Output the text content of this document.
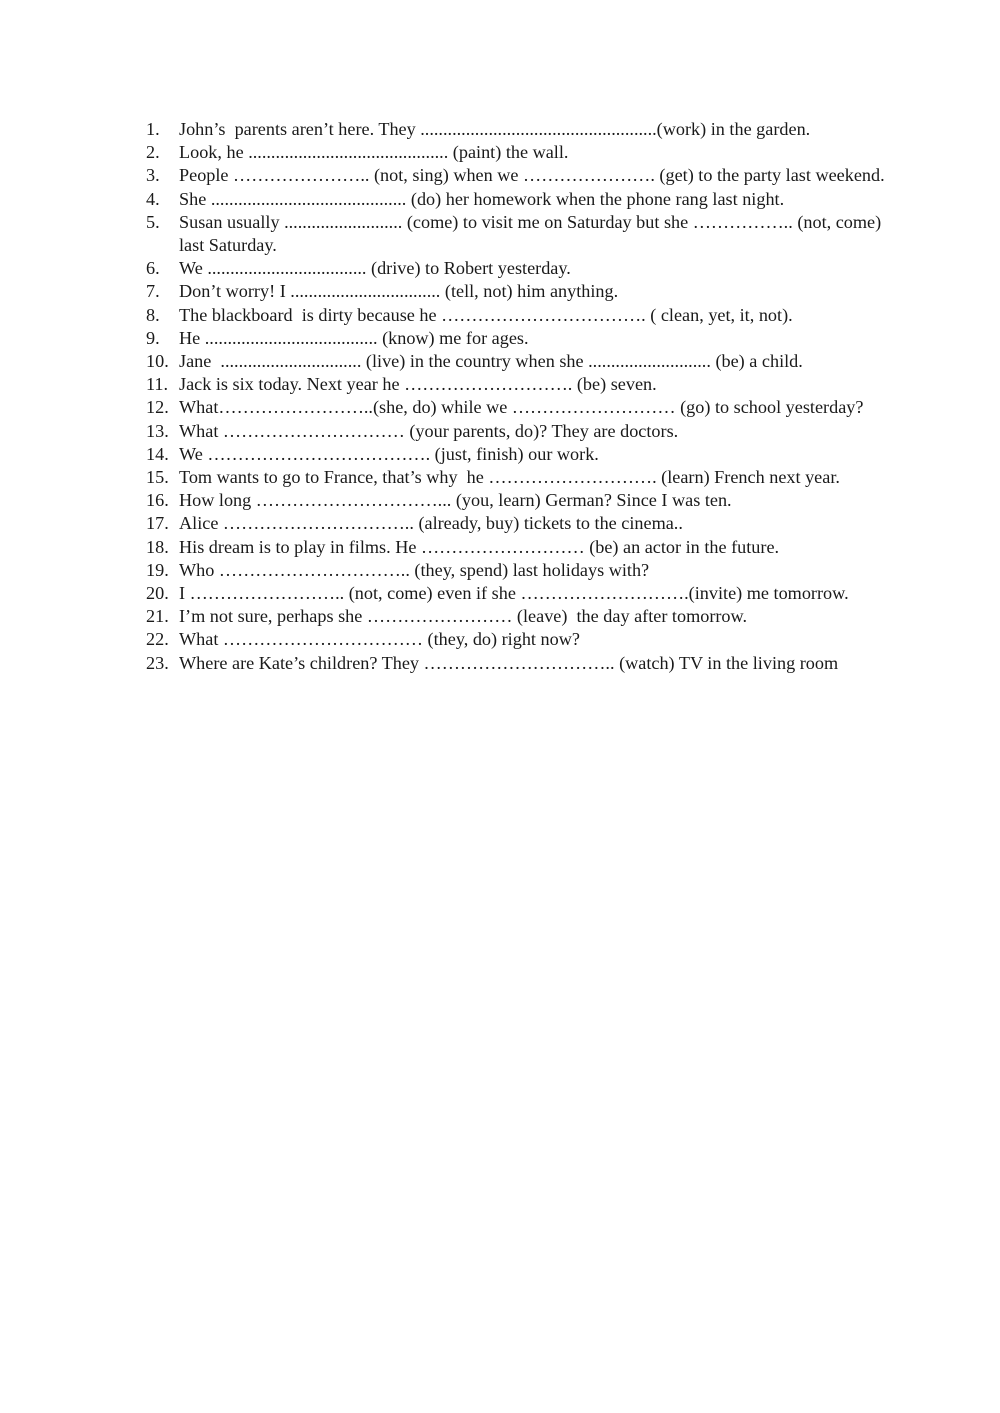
1.	John’s  parents aren’t here. They ....................................................(work) in the garden.
2.	Look, he ............................................ (paint) the wall.
3.	People ………………….. (not, sing) when we …………………. (get) to the party last weekend.
4.	She ........................................... (do) her homework when the phone rang last night.
5.	Susan usually .......................... (come) to visit me on Saturday but she …………….. (not, come) last Saturday.
6.	We ................................... (drive) to Robert yesterday.
7.	Don’t worry! I ................................. (tell, not) him anything.
8.	The blackboard  is dirty because he ……………………………. ( clean, yet, it, not).
9.	He ...................................... (know) me for ages.
10. Jane  ............................... (live) in the country when she ........................... (be) a child.
11. Jack is six today. Next year he ………………………. (be) seven.
12. What……………………..(she, do) while we ……………………… (go) to school yesterday?
13. What ………………………… (your parents, do)? They are doctors.
14. We ………………………………. (just, finish) our work.
15. Tom wants to go to France, that’s why  he ………………………. (learn) French next year.
16. How long …………………………... (you, learn) German? Since I was ten.
17. Alice ………………………….. (already, buy) tickets to the cinema..
18. His dream is to play in films. He ……………………… (be) an actor in the future.
19. Who ………………………….. (they, spend) last holidays with?
20. I …………………….. (not, come) even if she ……………………….(invite) me tomorrow.
21. I’m not sure, perhaps she …………………… (leave)  the day after tomorrow.
22. What …………………………… (they, do) right now?
23. Where are Kate’s children? They ………………………….. (watch) TV in the living room
